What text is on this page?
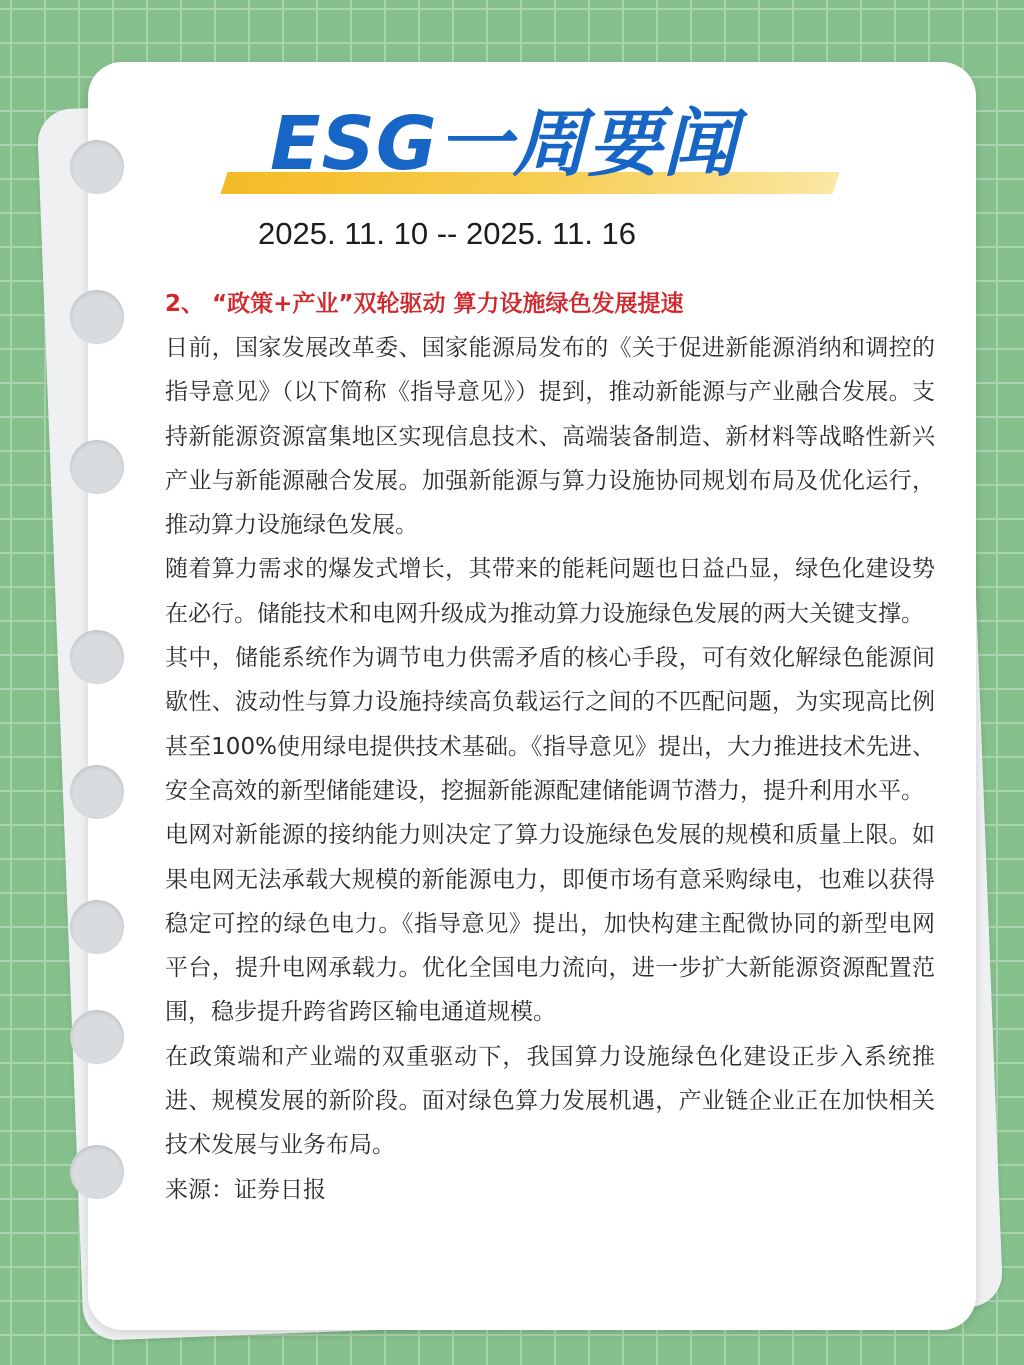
ESG一周要闻
2025. 11. 10 -- 2025. 11. 16

2、 “政策+产业”双轮驱动 算力设施绿色发展提速

日前，国家发展改革委、国家能源局发布的《关于促进新能源消纳和调控的指导意见》（以下简称《指导意见》）提到，推动新能源与产业融合发展。支持新能源资源富集地区实现信息技术、高端装备制造、新材料等战略性新兴产业与新能源融合发展。加强新能源与算力设施协同规划布局及优化运行，推动算力设施绿色发展。

随着算力需求的爆发式增长，其带来的能耗问题也日益凸显，绿色化建设势在必行。储能技术和电网升级成为推动算力设施绿色发展的两大关键支撑。

其中，储能系统作为调节电力供需矛盾的核心手段，可有效化解绿色能源间歇性、波动性与算力设施持续高负载运行之间的不匹配问题，为实现高比例甚至100%使用绿电提供技术基础。《指导意见》提出，大力推进技术先进、安全高效的新型储能建设，挖掘新能源配建储能调节潜力，提升利用水平。

电网对新能源的接纳能力则决定了算力设施绿色发展的规模和质量上限。如果电网无法承载大规模的新能源电力，即便市场有意采购绿电，也难以获得稳定可控的绿色电力。《指导意见》提出，加快构建主配微协同的新型电网平台，提升电网承载力。优化全国电力流向，进一步扩大新能源资源配置范围，稳步提升跨省跨区输电通道规模。

在政策端和产业端的双重驱动下，我国算力设施绿色化建设正步入系统推进、规模发展的新阶段。面对绿色算力发展机遇，产业链企业正在加快相关技术发展与业务布局。

来源：证券日报
